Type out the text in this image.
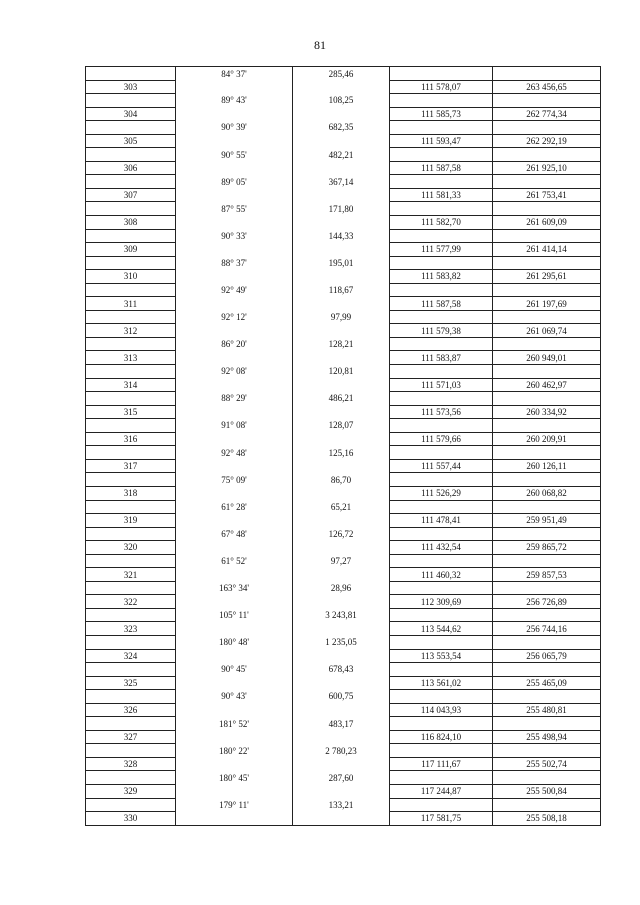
81
	84° 37'	285,46		
303			111 578,07	263 456,65
	89° 43'	108,25		
304			111 585,73	262 774,34
	90° 39'	682,35		
305			111 593,47	262 292,19
	90° 55'	482,21		
306			111 587,58	261 925,10
	89° 05'	367,14		
307			111 581,33	261 753,41
	87° 55'	171,80		
308			111 582,70	261 609,09
	90° 33'	144,33		
309			111 577,99	261 414,14
	88° 37'	195,01		
310			111 583,82	261 295,61
	92° 49'	118,67		
311			111 587,58	261 197,69
	92° 12'	97,99		
312			111 579,38	261 069,74
	86° 20'	128,21		
313			111 583,87	260 949,01
	92° 08'	120,81		
314			111 571,03	260 462,97
	88° 29'	486,21		
315			111 573,56	260 334,92
	91° 08'	128,07		
316			111 579,66	260 209,91
	92° 48'	125,16		
317			111 557,44	260 126,11
	75° 09'	86,70		
318			111 526,29	260 068,82
	61° 28'	65,21		
319			111 478,41	259 951,49
	67° 48'	126,72		
320			111 432,54	259 865,72
	61° 52'	97,27		
321			111 460,32	259 857,53
	163° 34'	28,96		
322			112 309,69	256 726,89
	105° 11'	3 243,81		
323			113 544,62	256 744,16
	180° 48'	1 235,05		
324			113 553,54	256 065,79
	90° 45'	678,43		
325			113 561,02	255 465,09
	90° 43'	600,75		
326			114 043,93	255 480,81
	181° 52'	483,17		
327			116 824,10	255 498,94
	180° 22'	2 780,23		
328			117 111,67	255 502,74
	180° 45'	287,60		
329			117 244,87	255 500,84
	179° 11'	133,21		
330			117 581,75	255 508,18
